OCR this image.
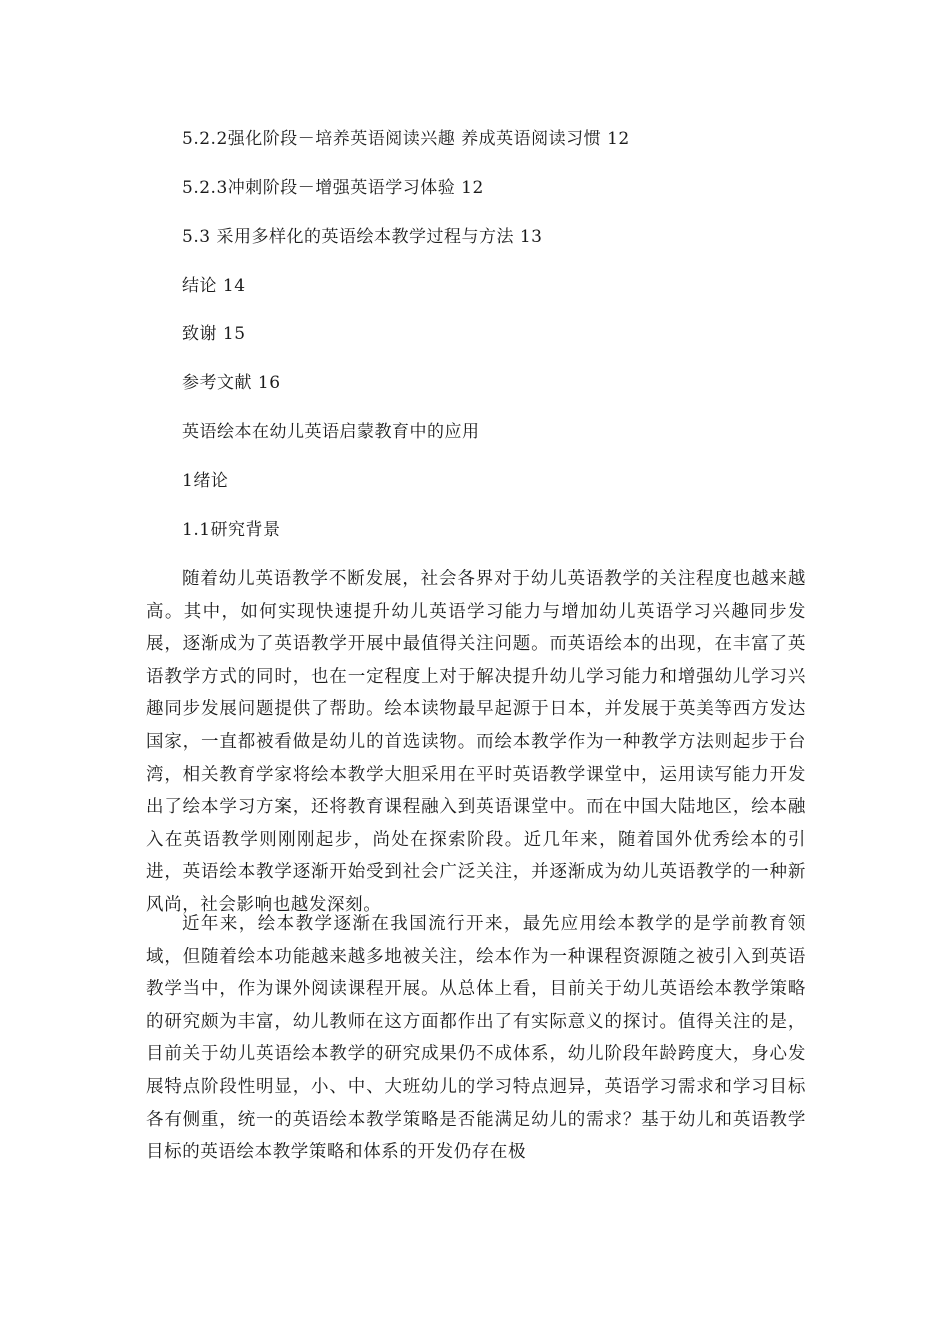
5.2.2强化阶段－培养英语阅读兴趣 养成英语阅读习惯 12
5.2.3冲刺阶段－增强英语学习体验 12
5.3 采用多样化的英语绘本教学过程与方法 13
结论 14
致谢 15
参考文献 16
英语绘本在幼儿英语启蒙教育中的应用
1绪论
1.1研究背景

随着幼儿英语教学不断发展，社会各界对于幼儿英语教学的关注程度也越来越高。其中，如何实现快速提升幼儿英语学习能力与增加幼儿英语学习兴趣同步发展，逐渐成为了英语教学开展中最值得关注问题。而英语绘本的出现，在丰富了英语教学方式的同时，也在一定程度上对于解决提升幼儿学习能力和增强幼儿学习兴趣同步发展问题提供了帮助。绘本读物最早起源于日本，并发展于英美等西方发达国家，一直都被看做是幼儿的首选读物。而绘本教学作为一种教学方法则起步于台湾，相关教育学家将绘本教学大胆采用在平时英语教学课堂中，运用读写能力开发出了绘本学习方案，还将教育课程融入到英语课堂中。而在中国大陆地区，绘本融入在英语教学则刚刚起步，尚处在探索阶段。近几年来，随着国外优秀绘本的引进，英语绘本教学逐渐开始受到社会广泛关注，并逐渐成为幼儿英语教学的一种新风尚，社会影响也越发深刻。

近年来，绘本教学逐渐在我国流行开来，最先应用绘本教学的是学前教育领域，但随着绘本功能越来越多地被关注，绘本作为一种课程资源随之被引入到英语教学当中，作为课外阅读课程开展。从总体上看，目前关于幼儿英语绘本教学策略的研究颇为丰富，幼儿教师在这方面都作出了有实际意义的探讨。值得关注的是，目前关于幼儿英语绘本教学的研究成果仍不成体系，幼儿阶段年龄跨度大，身心发展特点阶段性明显，小、中、大班幼儿的学习特点迥异，英语学习需求和学习目标各有侧重，统一的英语绘本教学策略是否能满足幼儿的需求？基于幼儿和英语教学目标的英语绘本教学策略和体系的开发仍存在极
